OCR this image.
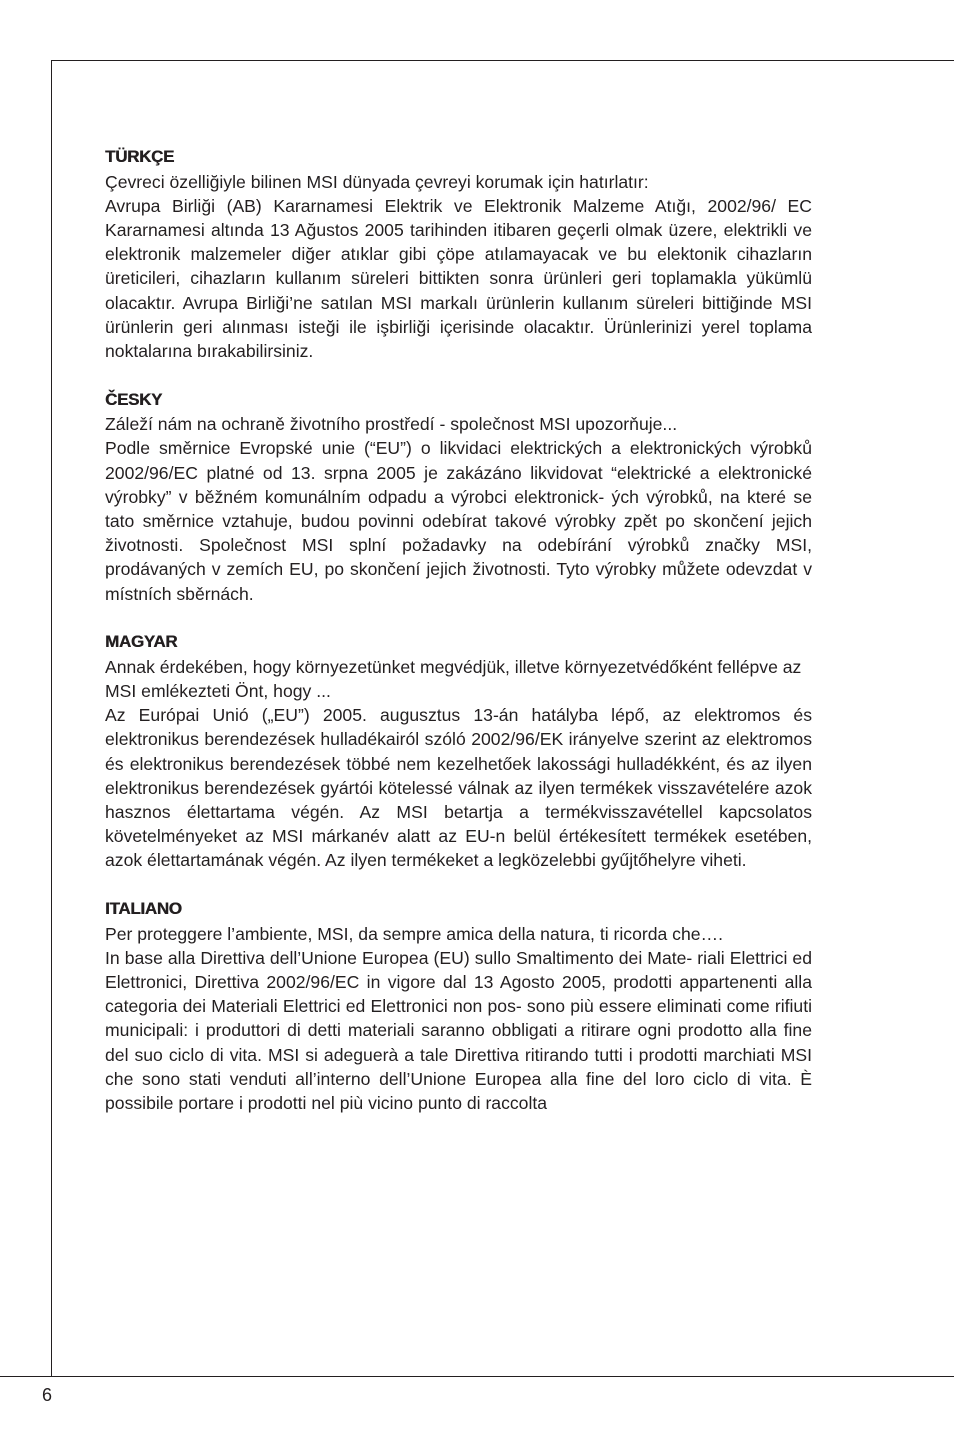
TÜRKÇE

Çevreci özelliğiyle bilinen MSI dünyada çevreyi korumak için hatırlatır:

Avrupa Birliği (AB) Kararnamesi Elektrik ve Elektronik Malzeme Atığı, 2002/96/ EC Kararnamesi altında 13 Ağustos 2005 tarihinden itibaren geçerli olmak üzere, elektrikli ve elektronik malzemeler diğer atıklar gibi çöpe atılamayacak ve bu elektonik cihazların üreticileri, cihazların kullanım süreleri bittikten sonra ürünleri geri toplamakla yükümlü olacaktır. Avrupa Birliği’ne satılan MSI markalı ürünlerin kullanım süreleri bittiğinde MSI ürünlerin geri alınması isteği ile işbirliği içerisinde olacaktır. Ürünlerinizi yerel toplama noktalarına bırakabilirsiniz.

ČESKY

Záleží nám na ochraně životního prostředí - společnost MSI upozorňuje...

Podle směrnice Evropské unie (“EU”) o likvidaci elektrických a elektronických výrobků 2002/96/EC platné od 13. srpna 2005 je zakázáno likvidovat “elektrické a elektronické výrobky” v běžném komunálním odpadu a výrobci elektronick- ých výrobků, na které se tato směrnice vztahuje, budou povinni odebírat takové výrobky zpět po skončení jejich životnosti. Společnost MSI splní požadavky na odebírání výrobků značky MSI, prodávaných v zemích EU, po skončení jejich životnosti. Tyto výrobky můžete odevzdat v místních sběrnách.

MAGYAR

Annak érdekében, hogy környezetünket megvédjük, illetve környezetvédőként fellépve az MSI emlékezteti Önt, hogy ...

Az Európai Unió („EU”) 2005. augusztus 13-án hatályba lépő, az elektromos és elektronikus berendezések hulladékairól szóló 2002/96/EK irányelve szerint az elektromos és elektronikus berendezések többé nem kezelhetőek lakossági hulladékként, és az ilyen elektronikus berendezések gyártói kötelessé válnak az ilyen termékek visszavételére azok hasznos élettartama végén. Az MSI betartja a termékvisszavétellel kapcsolatos követelményeket az MSI márkanév alatt az EU-n belül értékesített termékek esetében, azok élettartamának végén. Az ilyen termékeket a legközelebbi gyűjtőhelyre viheti.

ITALIANO

Per proteggere l’ambiente, MSI, da sempre amica della natura, ti ricorda che….

In base alla Direttiva dell’Unione Europea (EU) sullo Smaltimento dei Mate- riali Elettrici ed Elettronici, Direttiva 2002/96/EC in vigore dal 13 Agosto 2005, prodotti appartenenti alla categoria dei Materiali Elettrici ed Elettronici non pos- sono più essere eliminati come rifiuti municipali: i produttori di detti materiali saranno obbligati a ritirare ogni prodotto alla fine del suo ciclo di vita. MSI si adeguerà a tale Direttiva ritirando tutti i prodotti marchiati MSI che sono stati venduti all’interno dell’Unione Europea alla fine del loro ciclo di vita. È possibile portare i prodotti nel più vicino punto di raccolta

6
